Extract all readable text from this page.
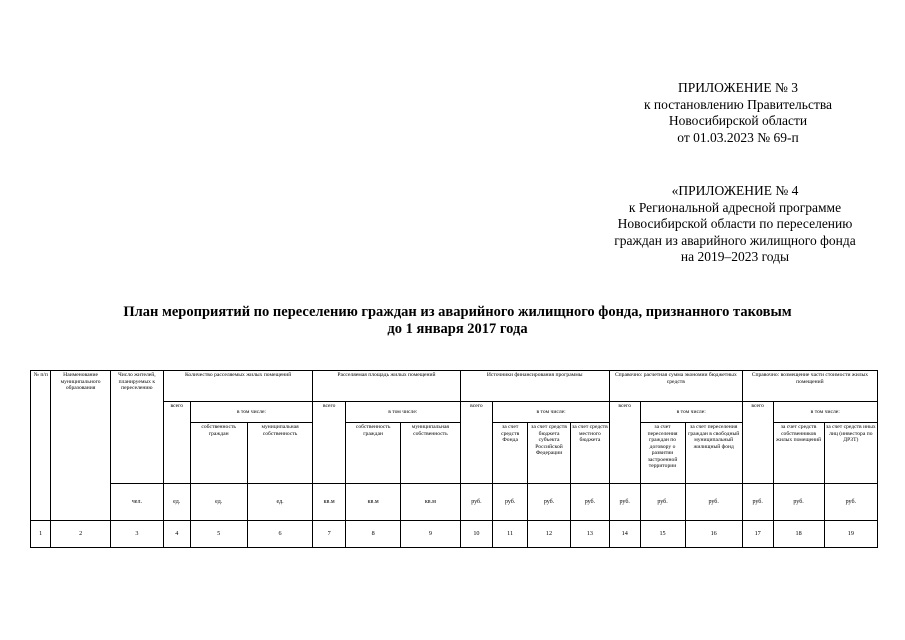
ПРИЛОЖЕНИЕ № 3
к постановлению Правительства
Новосибирской области
от 01.03.2023 № 69-п
«ПРИЛОЖЕНИЕ № 4
к Региональной адресной программе
Новосибирской области по переселению
граждан из аварийного жилищного фонда
на 2019–2023 годы
План мероприятий по переселению граждан из аварийного жилищного фонда, признанного таковым
до 1 января 2017 года
№ п/п	Наименование муниципального образования	Число жителей, планируемых к переселению	Количество расселяемых жилых помещений			Расселяемая площадь жилых помещений			Источники финансирования программы				Справочно: расчетная сумма экономии бюджетных средств			Справочно: возмещение части стоимости жилых помещений		
			всего	в том числе:		всего	в том числе:		всего	в том числе:			всего	в том числе:		всего	в том числе:	
				собственность граждан	муниципальная собственность		собственность граждан	муниципальная собственность		за счет средств Фонда	за счет средств бюджета субъекта Российской Федерации	за счет средств местного бюджета		за счет переселения граждан по договору о развитии застроенной территории	за счет переселения граждан в свободный муниципальный жилищный фонд		за счет средств собственников жилых помещений	за счет средств иных лиц (инвестора по ДРЗТ)
		чел.	ед.	ед.	ед.	кв.м	кв.м	кв.м	руб.	руб.	руб.	руб.	руб.	руб.	руб.	руб.	руб.	руб.
1	2	3	4	5	6	7	8	9	10	11	12	13	14	15	16	17	18	19
